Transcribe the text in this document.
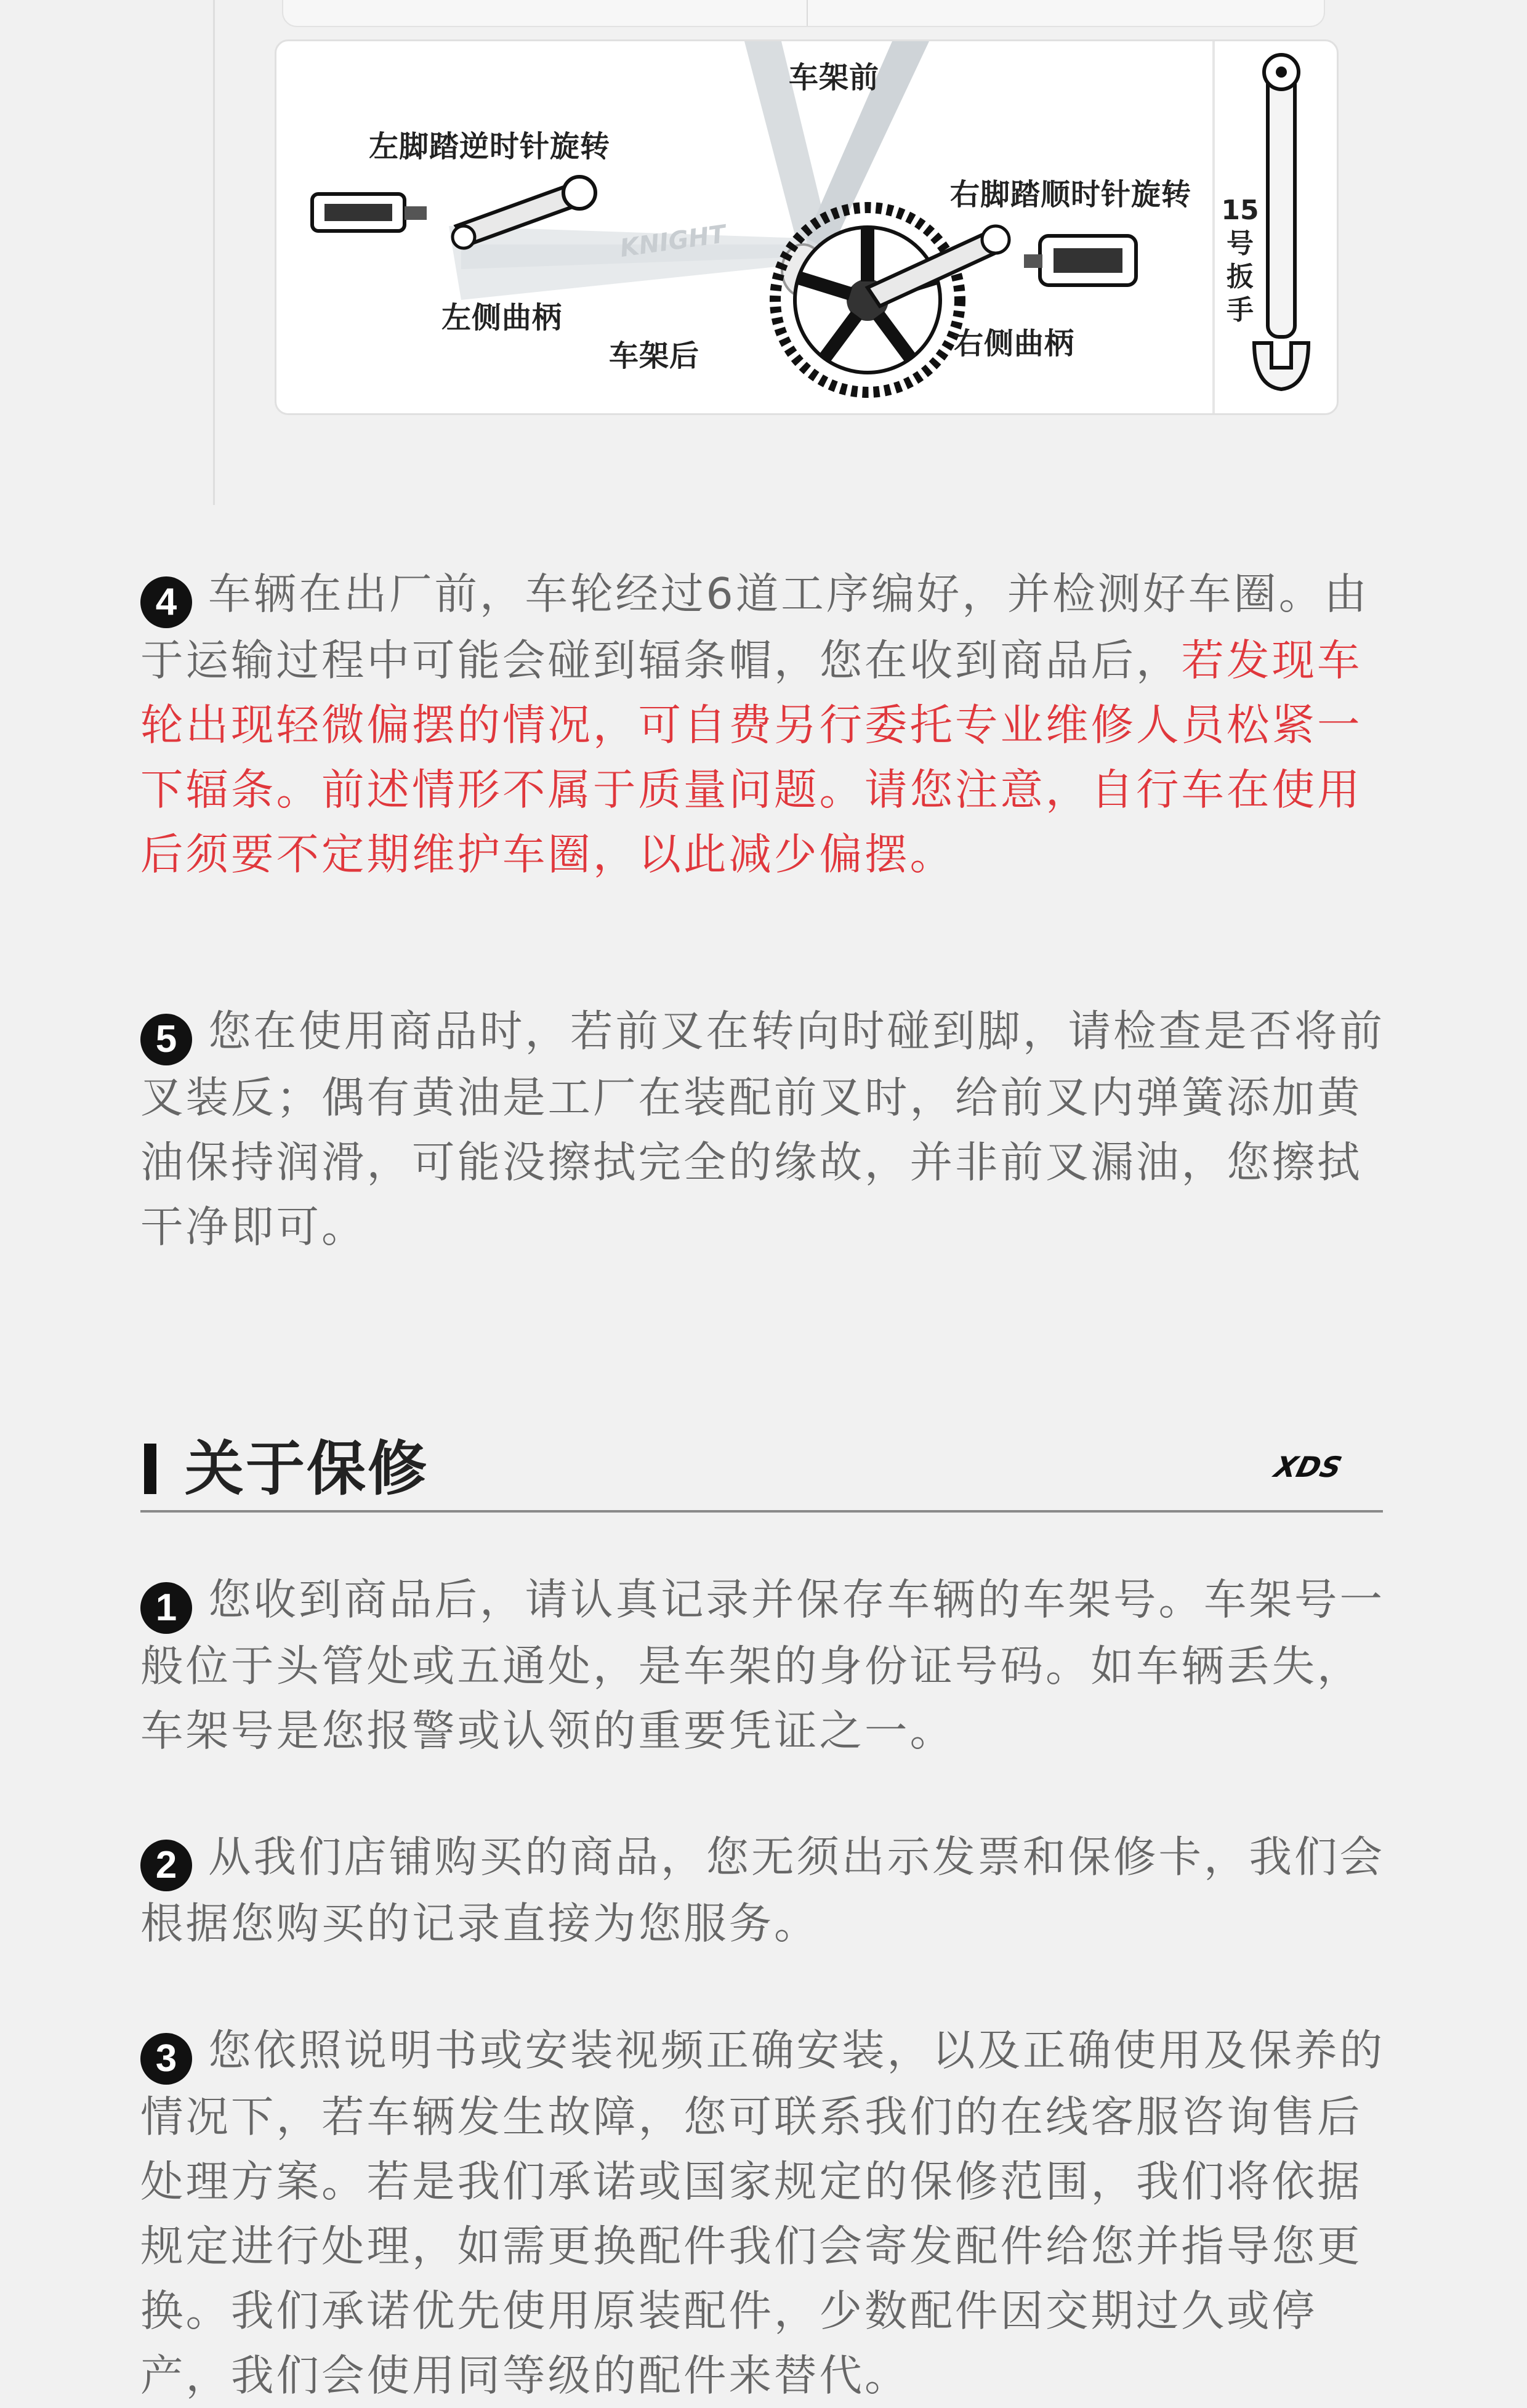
KNIGHT
车架前
左脚踏逆时针旋转
右脚踏顺时针旋转
左侧曲柄
车架后	右侧曲柄
15号扳手

4 车辆在出厂前，车轮经过6道工序编好，并检测好车圈。由于运输过程中可能会碰到辐条帽，您在收到商品后，若发现车轮出现轻微偏摆的情况，可自费另行委托专业维修人员松紧一下辐条。前述情形不属于质量问题。请您注意，自行车在使用后须要不定期维护车圈，以此减少偏摆。

5 您在使用商品时，若前叉在转向时碰到脚，请检查是否将前叉装反；偶有黄油是工厂在装配前叉时，给前叉内弹簧添加黄油保持润滑，可能没擦拭完全的缘故，并非前叉漏油，您擦拭干净即可。

关于保修	XDS

1 您收到商品后，请认真记录并保存车辆的车架号。车架号一般位于头管处或五通处，是车架的身份证号码。如车辆丢失，车架号是您报警或认领的重要凭证之一。

2 从我们店铺购买的商品，您无须出示发票和保修卡，我们会根据您购买的记录直接为您服务。

3 您依照说明书或安装视频正确安装，以及正确使用及保养的情况下，若车辆发生故障，您可联系我们的在线客服咨询售后处理方案。若是我们承诺或国家规定的保修范围，我们将依据规定进行处理，如需更换配件我们会寄发配件给您并指导您更换。我们承诺优先使用原装配件，少数配件因交期过久或停产，我们会使用同等级的配件来替代。
